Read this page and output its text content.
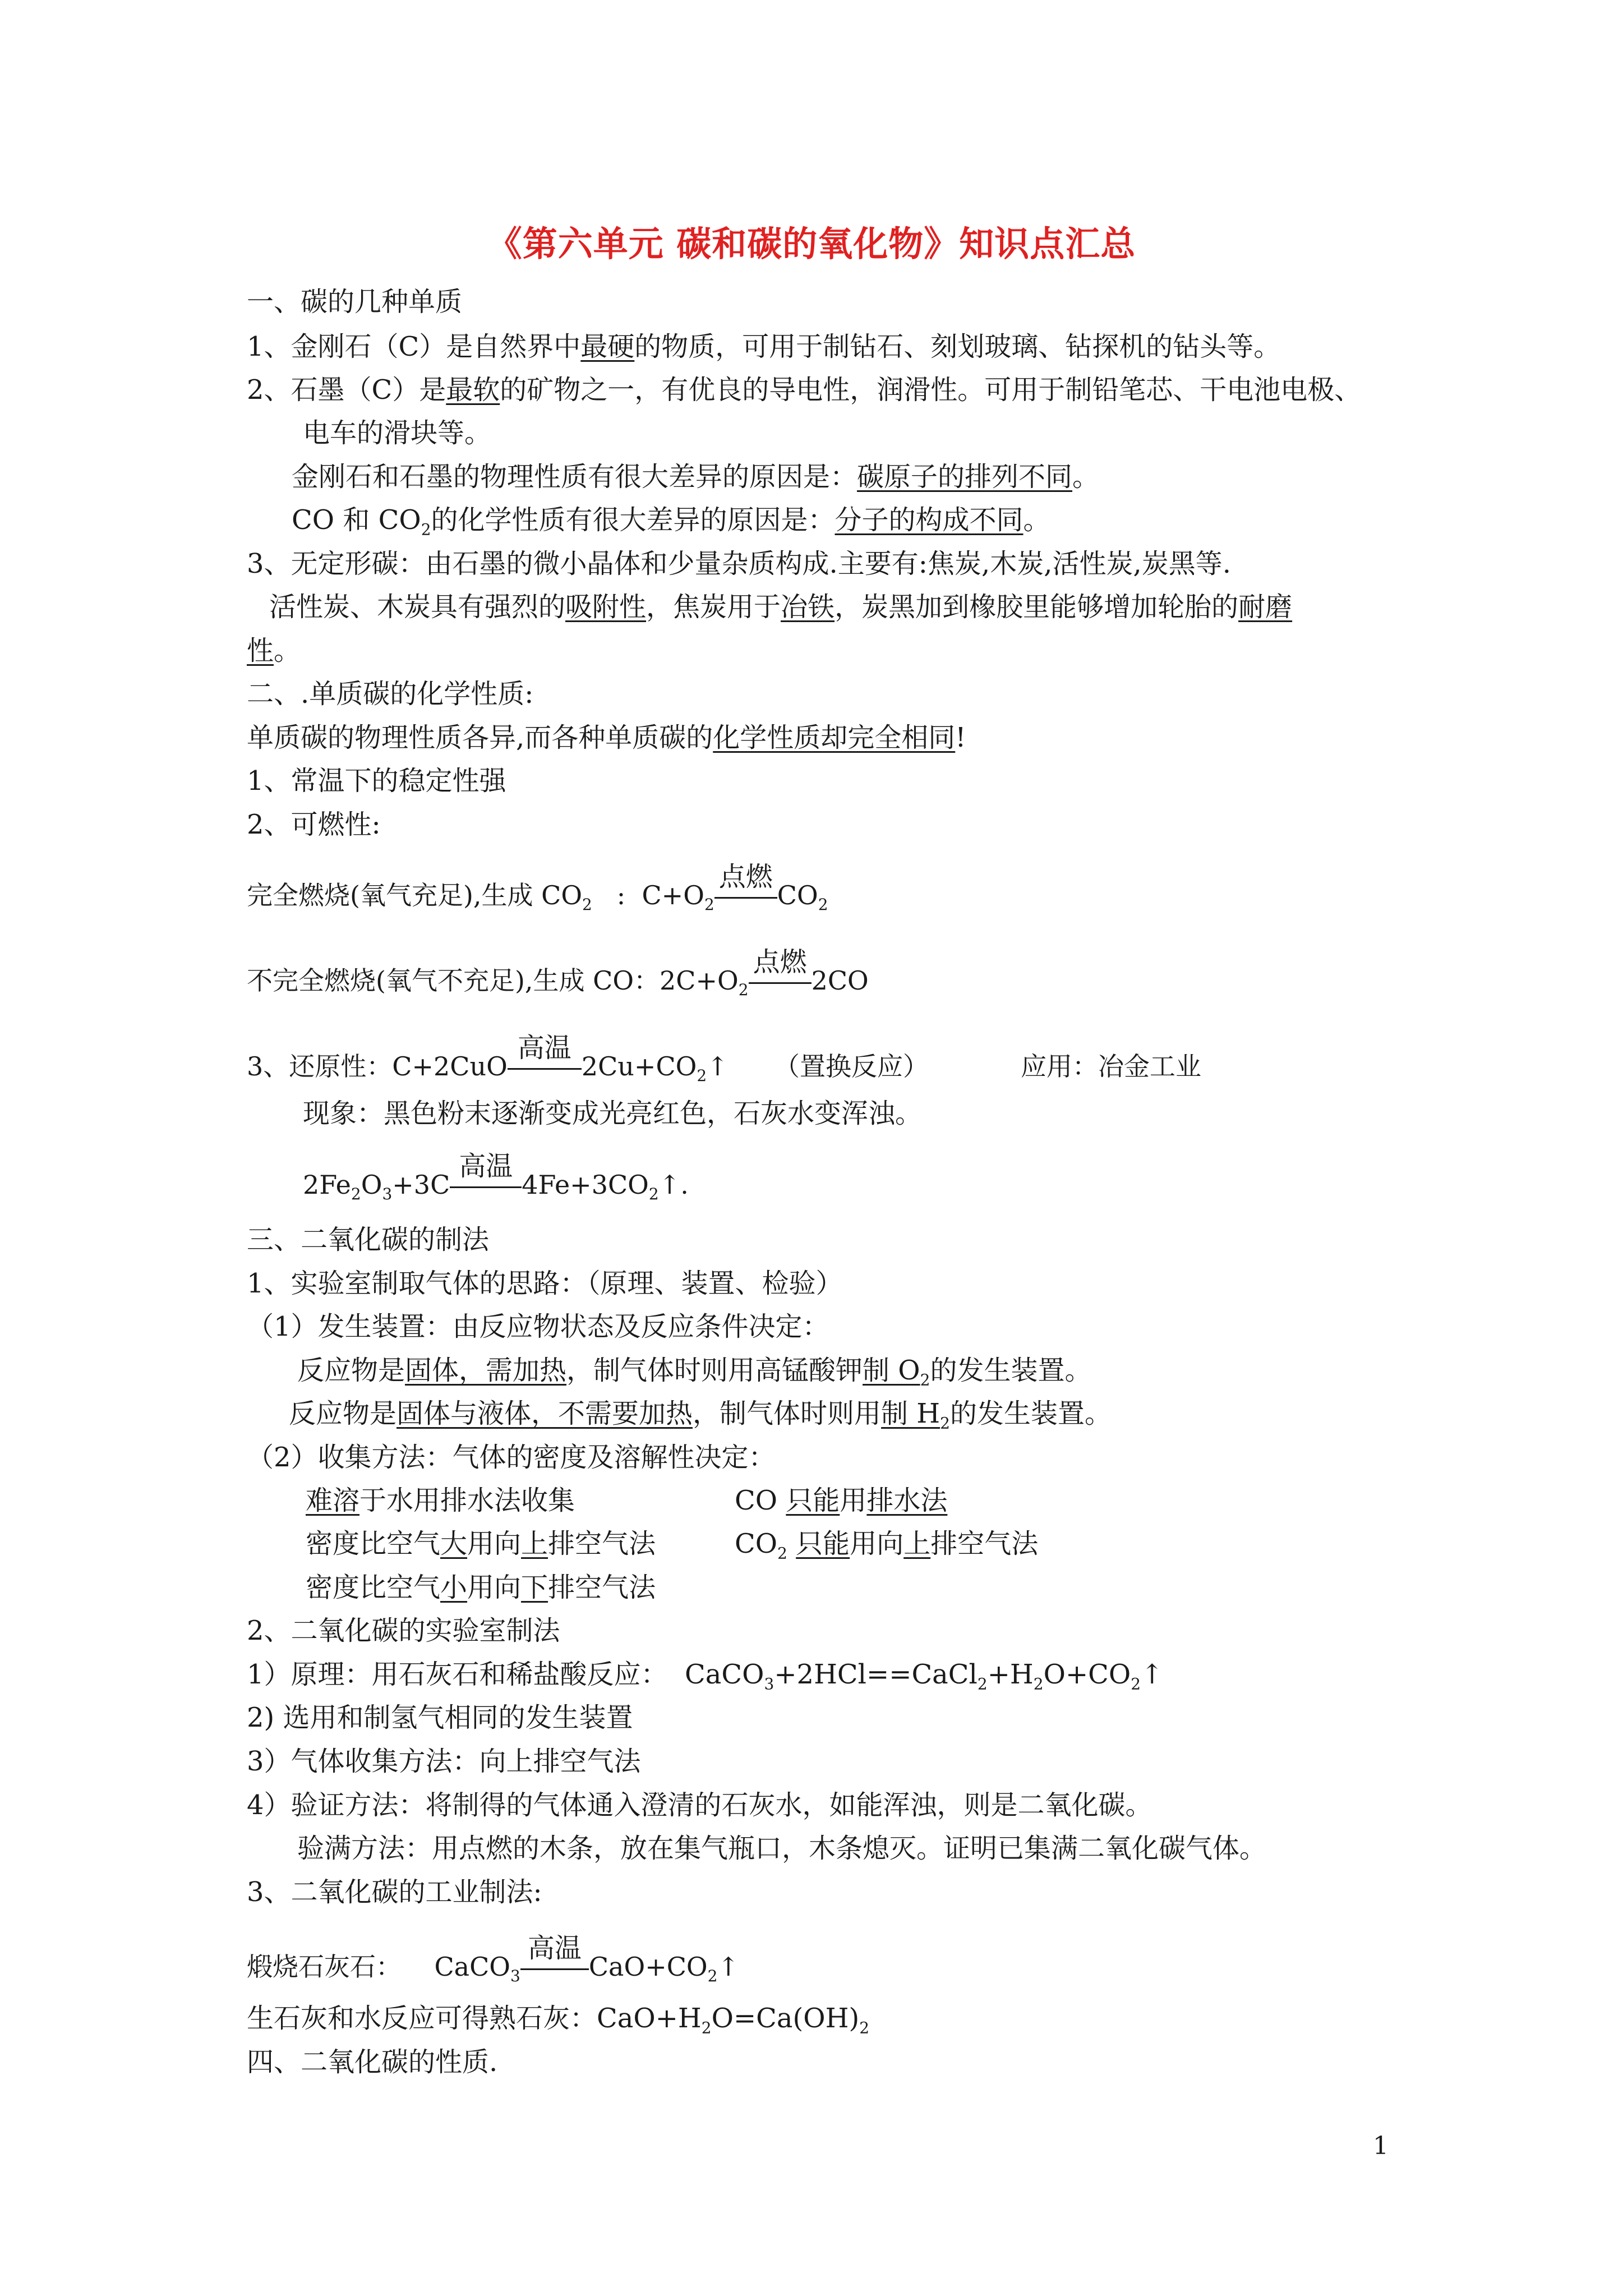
《第六单元 碳和碳的氧化物》知识点汇总
一、碳的几种单质
1、金刚石（C）是自然界中最硬的物质，可用于制钻石、刻划玻璃、钻探机的钻头等。
2、石墨（C）是最软的矿物之一，有优良的导电性，润滑性。可用于制铅笔芯、干电池电极、
电车的滑块等。
金刚石和石墨的物理性质有很大差异的原因是：碳原子的排列不同。
CO 和 $CO_2$的化学性质有很大差异的原因是：分子的构成不同。
3、无定形碳：由石墨的微小晶体和少量杂质构成.主要有:焦炭,木炭,活性炭,炭黑等.
活性炭、木炭具有强烈的吸附性，焦炭用于冶铁，炭黑加到橡胶里能够增加轮胎的耐磨
性。
二、.单质碳的化学性质:
单质碳的物理性质各异,而各种单质碳的化学性质却完全相同!
1、常温下的稳定性强
2、可燃性:
完全燃烧(氧气充足),生成 $CO_2$   :  $C+O_2$
点燃
$CO_2$
不完全燃烧(氧气不充足),生成 CO：$2C+O_2$
点燃
2CO
3、还原性：C+2CuO
高温
$2Cu+CO_2↑$ （置换反应）	应用：冶金工业
现象：黑色粉末逐渐变成光亮红色，石灰水变浑浊。
$2Fe_2O_3+3C$
高温
$4Fe+3CO_2↑$.
三、二氧化碳的制法
1、实验室制取气体的思路：（原理、装置、检验）
（1）发生装置：由反应物状态及反应条件决定：
反应物是固体，需加热，制气体时则用高锰酸钾制 $O_2$的发生装置。
反应物是固体与液体，不需要加热，制气体时则用制 $H_2$的发生装置。
（2）收集方法：气体的密度及溶解性决定：
难溶于水用排水法收集	CO 只能用排水法
密度比空气大用向上排空气法	$CO_2$ 只能用向上排空气法
密度比空气小用向下排空气法
2、二氧化碳的实验室制法
1）原理：用石灰石和稀盐酸反应：  $CaCO_3+2HCl==CaCl_2+H_2O+CO_2↑$
2) 选用和制氢气相同的发生装置
3）气体收集方法：向上排空气法
4）验证方法：将制得的气体通入澄清的石灰水，如能浑浊，则是二氧化碳。
验满方法：用点燃的木条，放在集气瓶口，木条熄灭。证明已集满二氧化碳气体。
3、二氧化碳的工业制法:
煅烧石灰石：    CaCO$_3$
高温
$CaO+CO_2↑$
生石灰和水反应可得熟石灰：$CaO+H_2O=Ca(OH)_2$
四、二氧化碳的性质.
1
